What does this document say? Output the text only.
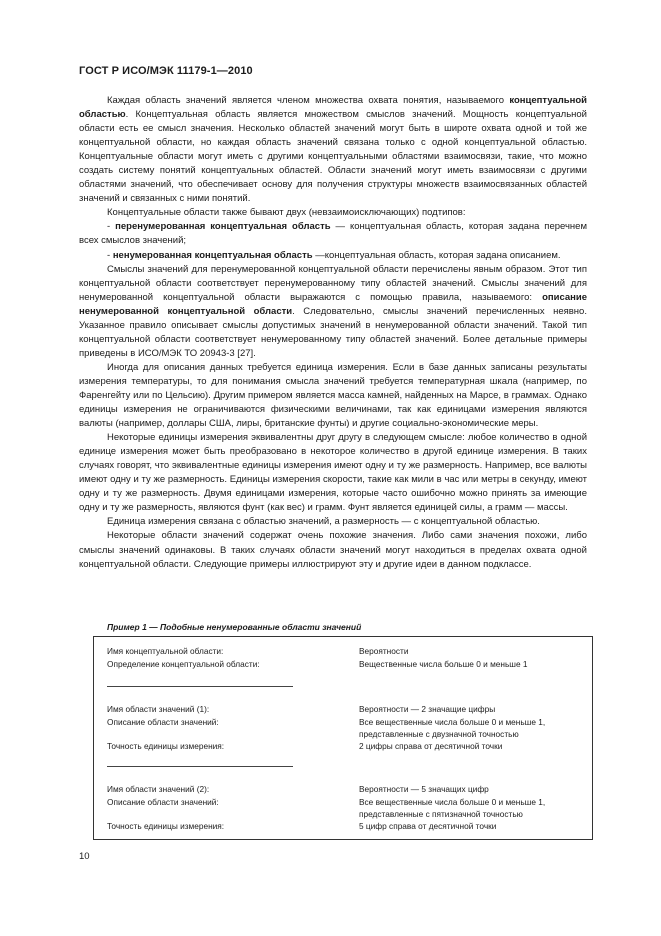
ГОСТ Р ИСО/МЭК 11179-1—2010

Каждая область значений является членом множества охвата понятия, называемого концептуальной областью. Концептуальная область является множеством смыслов значений. Мощность концептуальной области есть ее смысл значения. Несколько областей значений могут быть в широте охвата одной и той же концептуальной области, но каждая область значений связана только с одной концептуальной областью. Концептуальные области могут иметь с другими концептуальными областями взаимосвязи, такие, что можно создать систему понятий концептуальных областей. Области значений могут иметь взаимосвязи с другими областями значений, что обеспечивает основу для получения структуры множеств взаимосвязанных областей значений и связанных с ними понятий.

Концептуальные области также бывают двух (невзаимоисключающих) подтипов:

- перенумерованная концептуальная область — концептуальная область, которая задана перечнем всех смыслов значений;

- ненумерованная концептуальная область —концептуальная область, которая задана описанием.

Смыслы значений для перенумерованной концептуальной области перечислены явным образом. Этот тип концептуальной области соответствует перенумерованному типу областей значений. Смыслы значений для ненумерованной концептуальной области выражаются с помощью правила, называемого: описание ненумерованной концептуальной области. Следовательно, смыслы значений перечисленных неявно. Указанное правило описывает смыслы допустимых значений в ненумерованной области значений. Такой тип концептуальной области соответствует ненумерованному типу областей значений. Более детальные примеры приведены в ИСО/МЭК ТО 20943-3 [27].

Иногда для описания данных требуется единица измерения. Если в базе данных записаны результаты измерения температуры, то для понимания смысла значений требуется температурная шкала (например, по Фаренгейту или по Цельсию). Другим примером является масса камней, найденных на Марсе, в граммах. Однако единицы измерения не ограничиваются физическими величинами, так как единицами измерения являются валюты (например, доллары США, лиры, британские фунты) и другие социально-экономические меры.

Некоторые единицы измерения эквивалентны друг другу в следующем смысле: любое количество в одной единице измерения может быть преобразовано в некоторое количество в другой единице измерения. В таких случаях говорят, что эквивалентные единицы измерения имеют одну и ту же размерность. Например, все валюты имеют одну и ту же размерность. Единицы измерения скорости, такие как мили в час или метры в секунду, имеют одну и ту же размерность. Двумя единицами измерения, которые часто ошибочно можно принять за имеющие одну и ту же размерность, являются фунт (как вес) и грамм. Фунт является единицей силы, а грамм — массы.

Единица измерения связана с областью значений, а размерность — с концептуальной областью.

Некоторые области значений содержат очень похожие значения. Либо сами значения похожи, либо смыслы значений одинаковы. В таких случаях области значений могут находиться в пределах охвата одной концептуальной области. Следующие примеры иллюстрируют эту и другие идеи в данном подклассе.

Пример 1 — Подобные ненумерованные области значений
Имя концептуальной области:	Вероятности
Определение концептуальной области:	Вещественные числа больше 0 и меньше 1
Имя области значений (1):	Вероятности — 2 значащие цифры
Описание области значений:	Все вещественные числа больше 0 и меньше 1,
представленные с двузначной точностью
Точность единицы измерения:	2 цифры справа от десятичной точки
Имя области значений (2):	Вероятности — 5 значащих цифр
Описание области значений:	Все вещественные числа больше 0 и меньше 1,
представленные с пятизначной точностью
Точность единицы измерения:	5 цифр справа от десятичной точки
10
